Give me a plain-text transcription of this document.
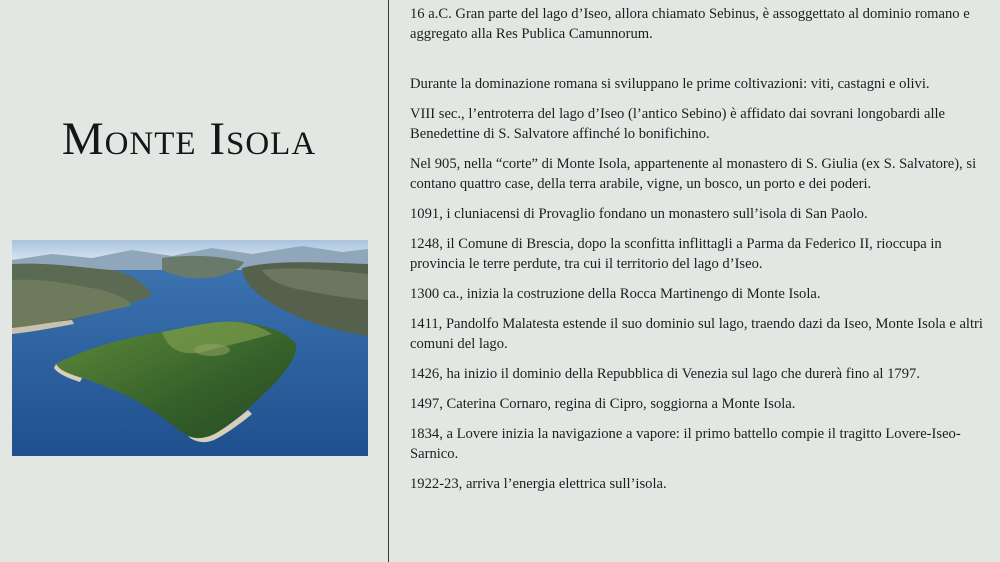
Monte Isola

16 a.C. Gran parte del lago d’Iseo, allora chiamato Sebinus, è assoggettato al dominio romano e aggregato alla Res Publica Camunnorum.

Durante la dominazione romana si sviluppano le prime coltivazioni: viti, castagni e olivi.

VIII sec., l’entroterra del lago d’Iseo (l’antico Sebino) è affidato dai sovrani longobardi alle Benedettine di S. Salvatore affinché lo bonifichino.

Nel 905, nella “corte” di Monte Isola, appartenente al monastero di S. Giulia (ex S. Salvatore), si contano quattro case, della terra arabile, vigne, un bosco, un porto e dei poderi.

1091, i cluniacensi di Provaglio fondano un monastero sull’isola di San Paolo.

1248, il Comune di Brescia, dopo la sconfitta inflittagli a Parma da Federico II, rioccupa in provincia le terre perdute, tra cui il territorio del lago d’Iseo.

1300 ca., inizia la costruzione della Rocca Martinengo di Monte Isola.

1411, Pandolfo Malatesta estende il suo dominio sul lago, traendo dazi da Iseo, Monte Isola e altri comuni del lago.

1426, ha inizio il dominio della Repubblica di Venezia sul lago che durerà fino al 1797.

1497, Caterina Cornaro, regina di Cipro, soggiorna a Monte Isola.

1834, a Lovere inizia la navigazione a vapore: il primo battello compie il tragitto Lovere-Iseo-Sarnico.

1922-23, arriva l’energia elettrica sull’isola.
